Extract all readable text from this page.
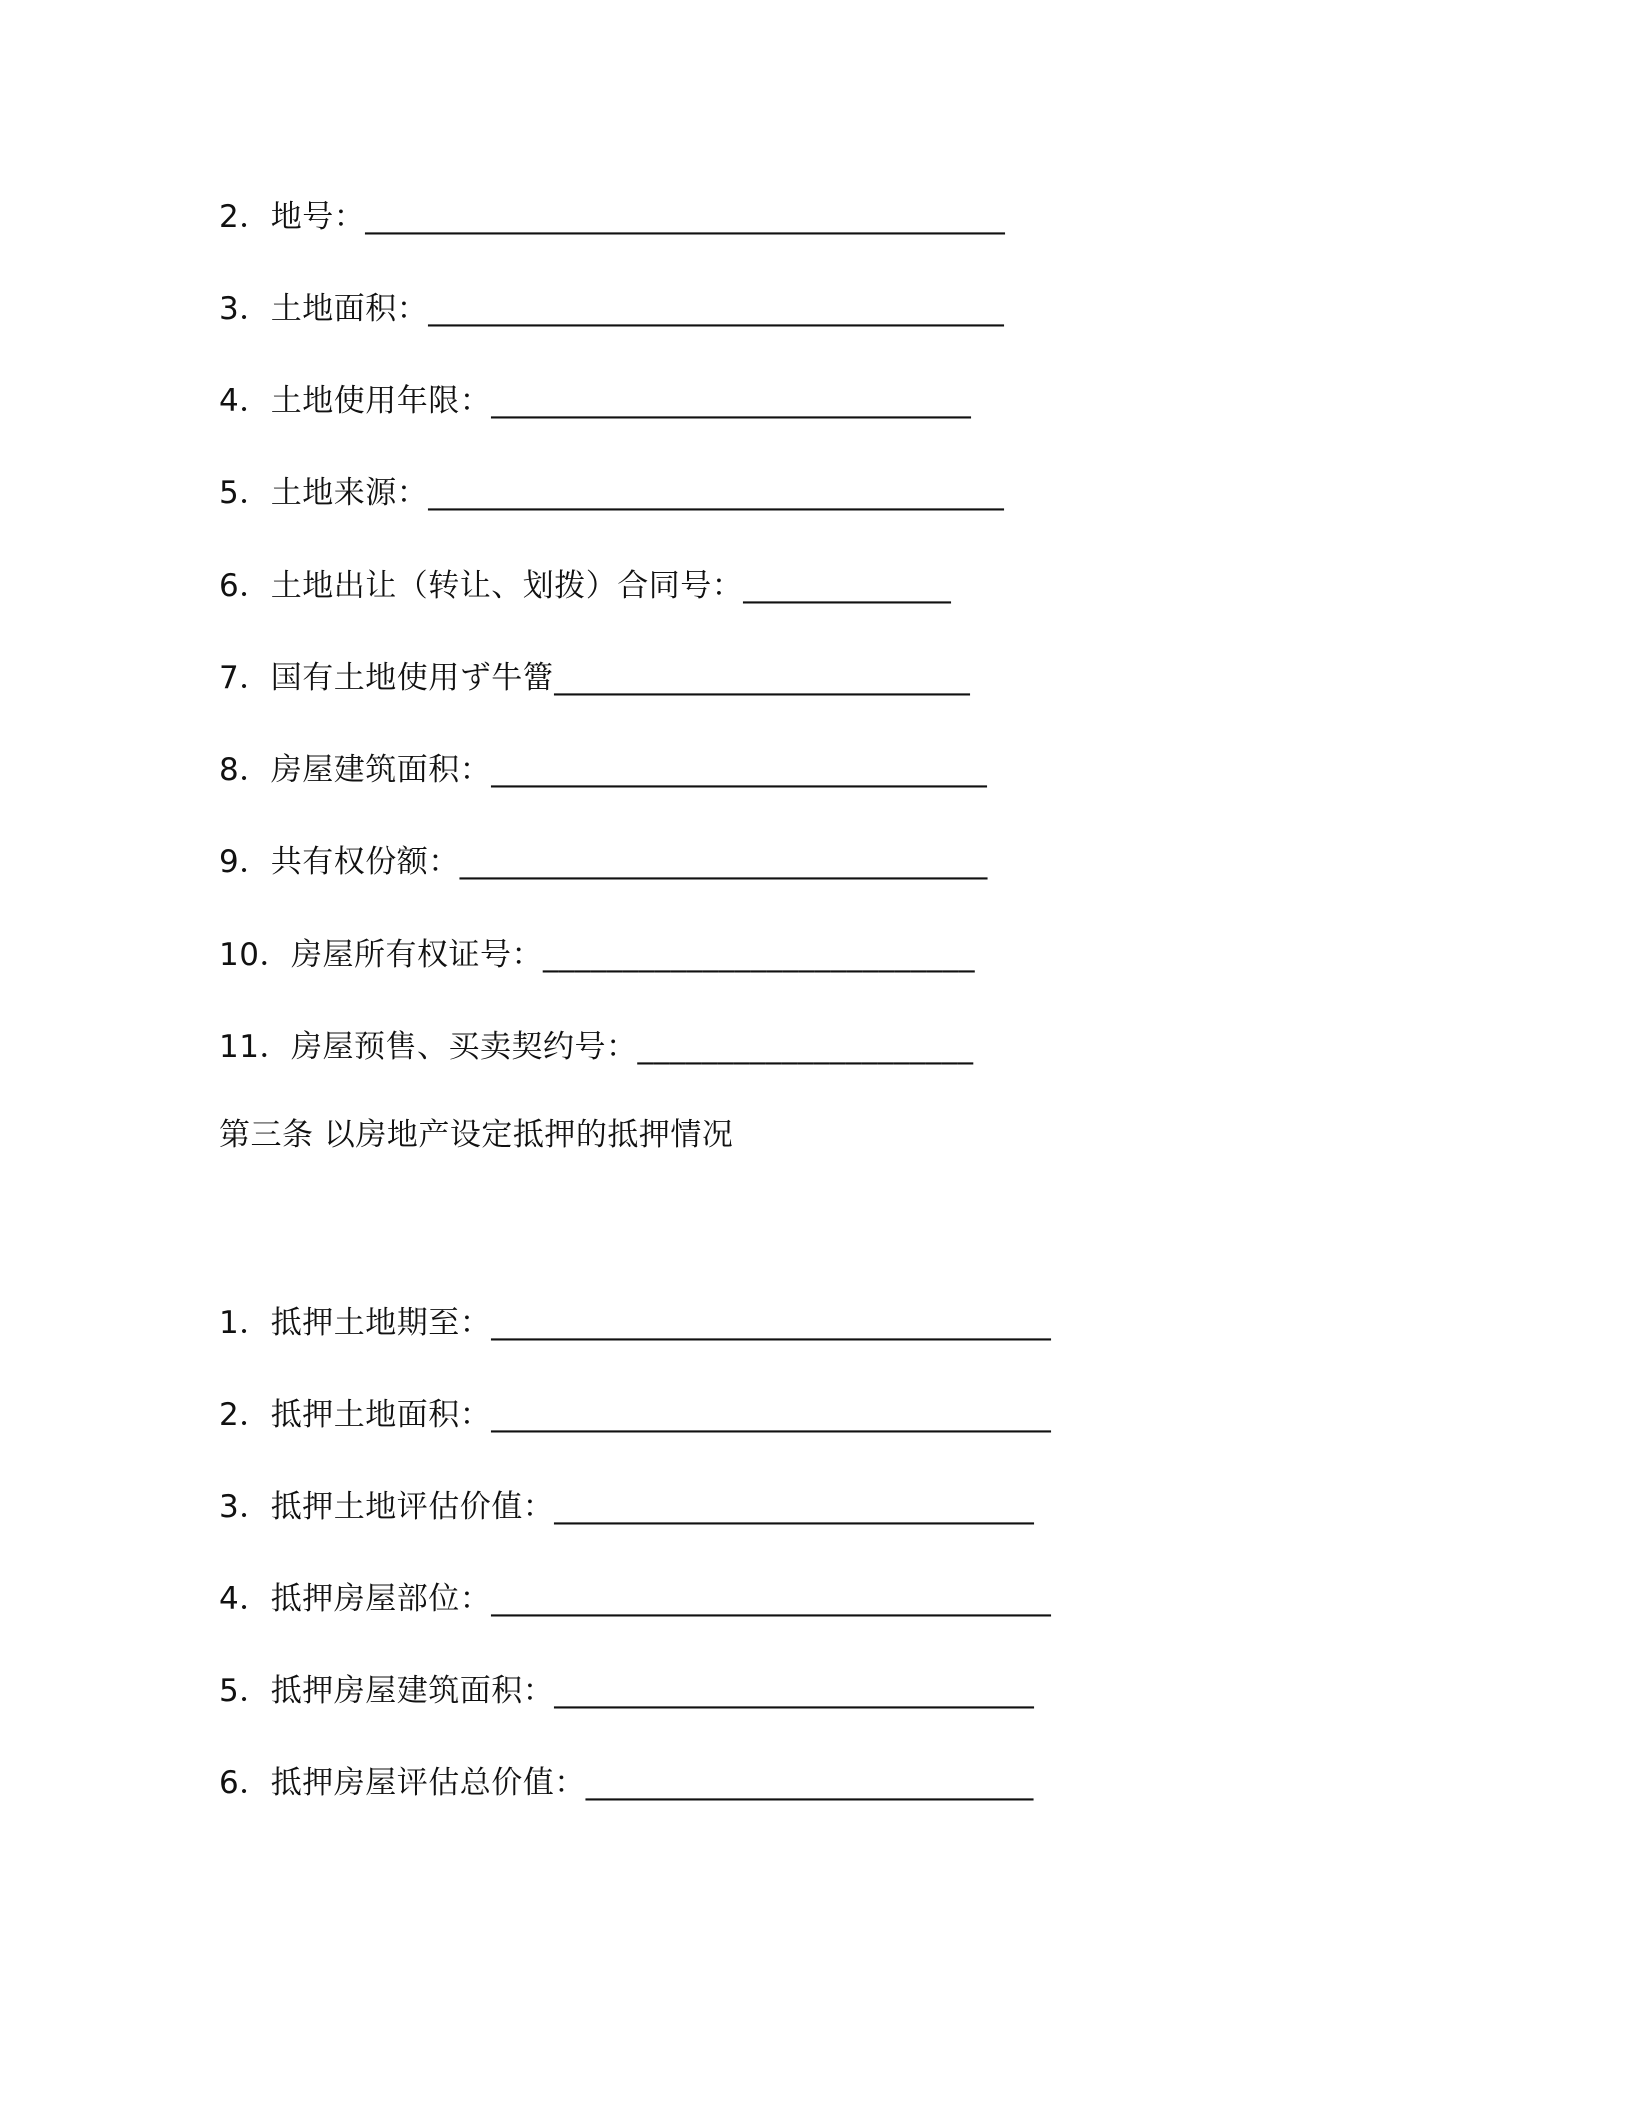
2．地号：________________________________________
3．土地面积：____________________________________
4．土地使用年限：______________________________
5．土地来源：____________________________________
6．土地出让（转让、划拨）合同号：_____________
7．国有土地使用ず牛簹__________________________
8．房屋建筑面积：_______________________________
9．共有权份额：_________________________________
10．房屋所有权证号：___________________________
11．房屋预售、买卖契约号：_____________________
第三条 以房地产设定抵押的抵押情况
1．抵押土地期至：___________________________________
2．抵押土地面积：___________________________________
3．抵押土地评估价值：______________________________
4．抵押房屋部位：___________________________________
5．抵押房屋建筑面积：______________________________
6．抵押房屋评估总价值：____________________________
